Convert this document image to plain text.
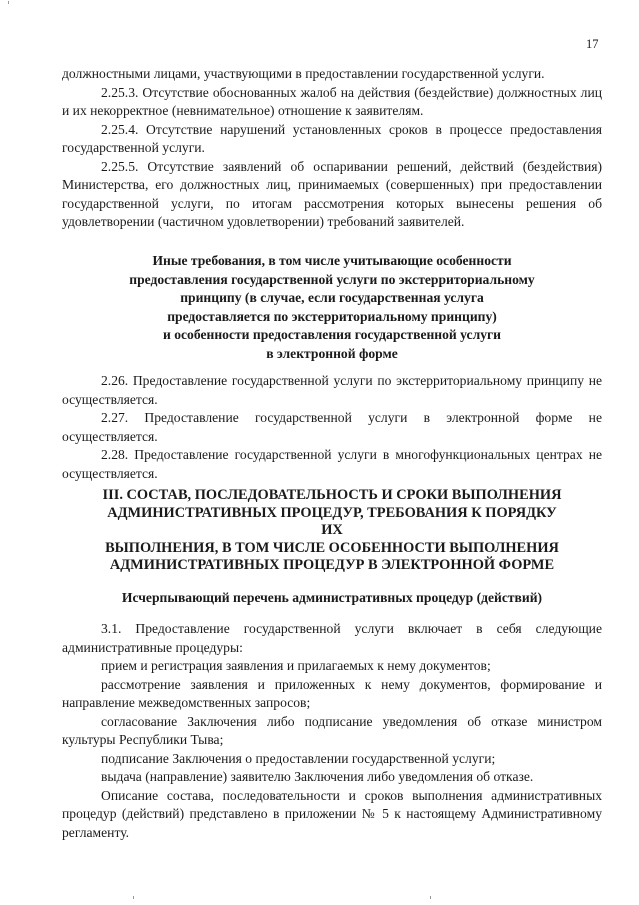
17

должностными лицами, участвующими в предоставлении государственной услуги.

2.25.3. Отсутствие обоснованных жалоб на действия (бездействие) должностных лиц и их некорректное (невнимательное) отношение к заявителям.

2.25.4. Отсутствие нарушений установленных сроков в процессе предоставления государственной услуги.

2.25.5. Отсутствие заявлений об оспаривании решений, действий (бездействия) Министерства, его должностных лиц, принимаемых (совершенных) при предоставлении государственной услуги, по итогам рассмотрения которых вынесены решения об удовлетворении (частичном удовлетворении) требований заявителей.

Иные требования, в том числе учитывающие особенности
предоставления государственной услуги по экстерриториальному
принципу (в случае, если государственная услуга
предоставляется по экстерриториальному принципу)
и особенности предоставления государственной услуги
в электронной форме

2.26. Предоставление государственной услуги по экстерриториальному принципу не осуществляется.

2.27. Предоставление государственной услуги в электронной форме не осуществляется.

2.28. Предоставление государственной услуги в многофункциональных центрах не осуществляется.

III. СОСТАВ, ПОСЛЕДОВАТЕЛЬНОСТЬ И СРОКИ ВЫПОЛНЕНИЯ
АДМИНИСТРАТИВНЫХ ПРОЦЕДУР, ТРЕБОВАНИЯ К ПОРЯДКУ
ИХ
ВЫПОЛНЕНИЯ, В ТОМ ЧИСЛЕ ОСОБЕННОСТИ ВЫПОЛНЕНИЯ
АДМИНИСТРАТИВНЫХ ПРОЦЕДУР В ЭЛЕКТРОННОЙ ФОРМЕ
Исчерпывающий перечень административных процедур (действий)

3.1. Предоставление государственной услуги включает в себя следующие административные процедуры:

прием и регистрация заявления и прилагаемых к нему документов;

рассмотрение заявления и приложенных к нему документов, формирование и направление межведомственных запросов;

согласование Заключения либо подписание уведомления об отказе министром культуры Республики Тыва;

подписание Заключения о предоставлении государственной услуги;

выдача (направление) заявителю Заключения либо уведомления об отказе.

Описание состава, последовательности и сроков выполнения административных процедур (действий) представлено в приложении № 5 к настоящему Административному регламенту.
